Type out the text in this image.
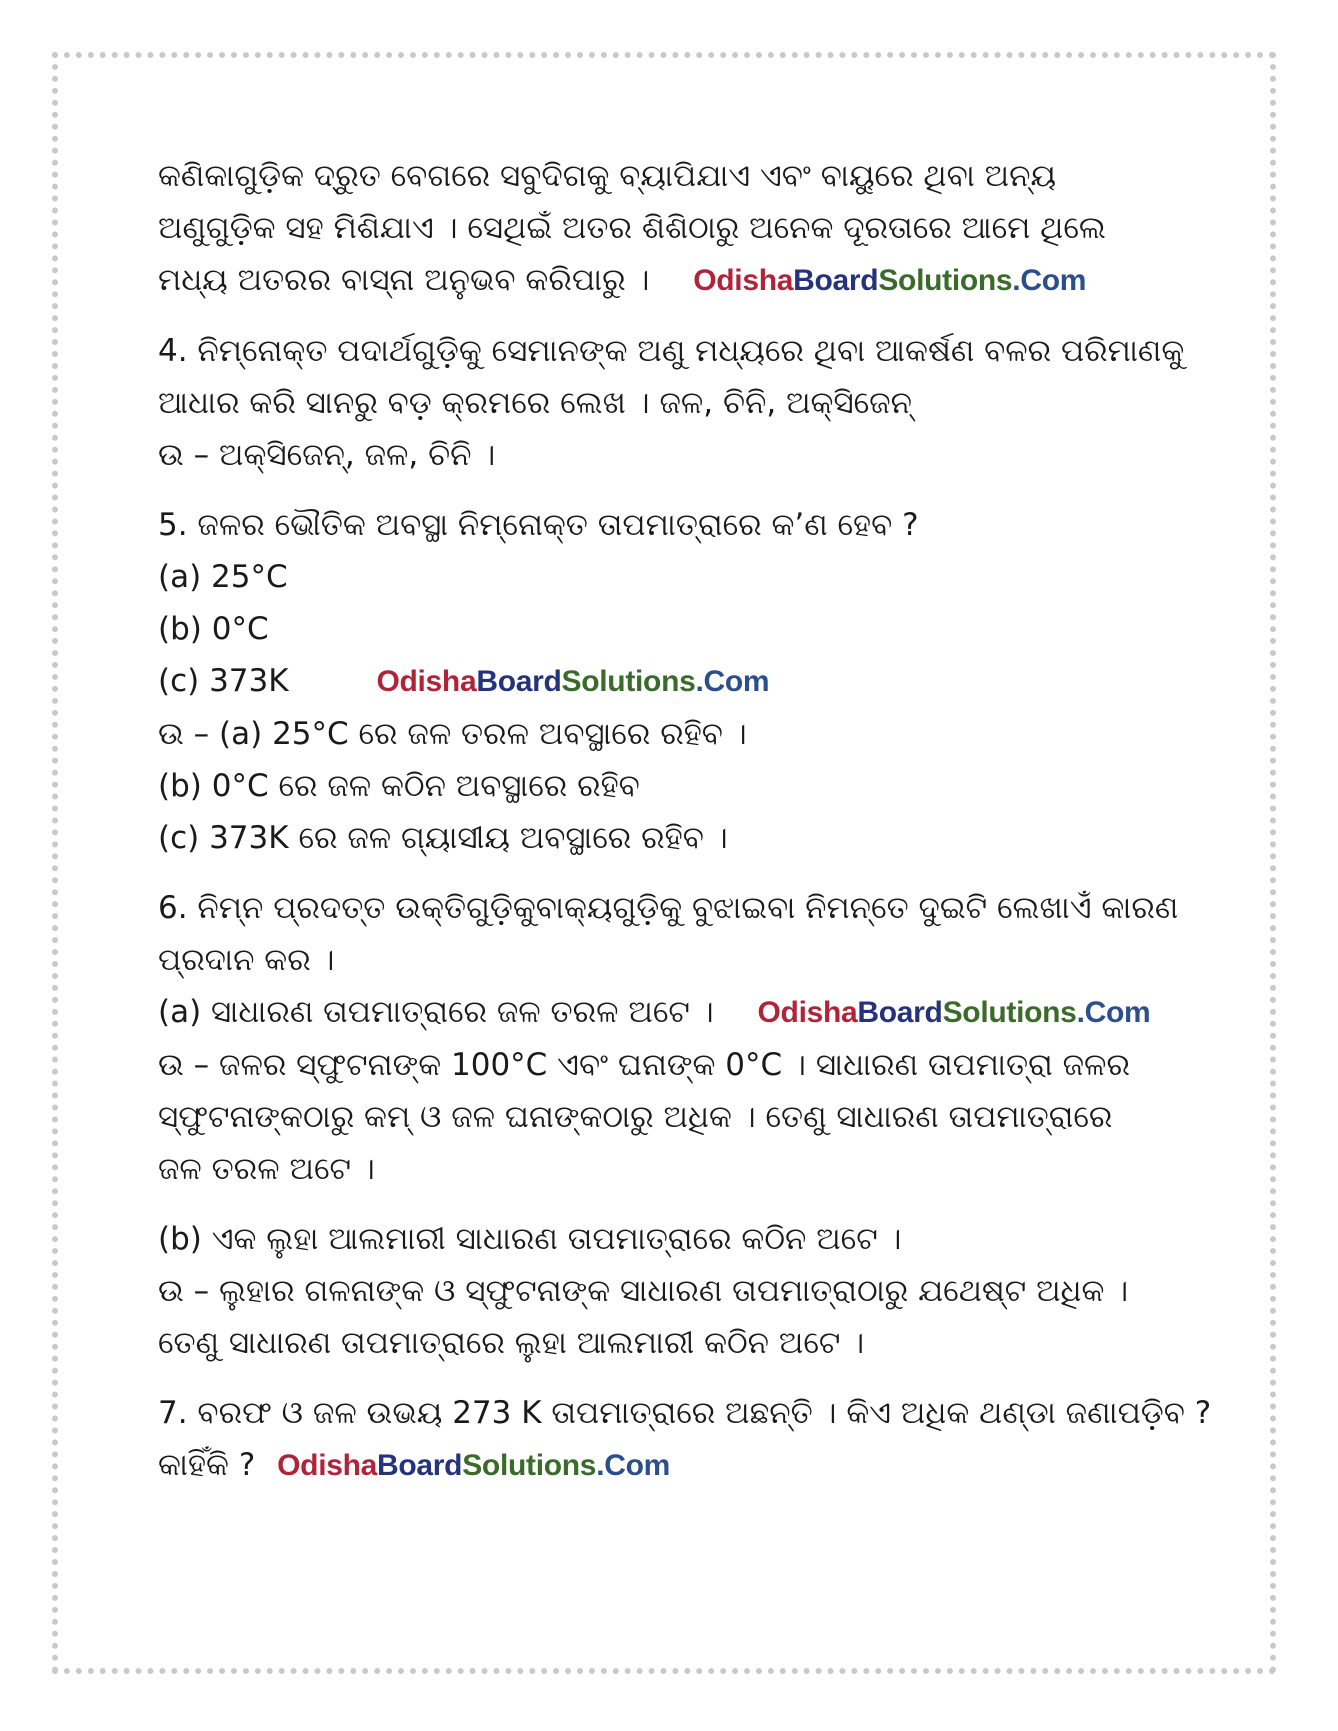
କଣିକାଗୁଡ଼ିକ ଦ୍ରୁତ ବେଗରେ ସବୁଦିଗକୁ ବ୍ୟାପିଯାଏ ଏବଂ ବାୟୁରେ ଥିବା ଅନ୍ୟ
ଅଣୁଗୁଡ଼ିକ ସହ ମିଶିଯାଏ । ସେଥିଇଁ ଅତର ଶିଶିଠାରୁ ଅନେକ ଦୂରତାରେ ଆମେ ଥିଲେ
ମଧ୍ୟ ଅତରର ବାସ୍ନା ଅନୁଭବ କରିପାରୁ । OdishaBoardSolutions.Com
4. ନିମ୍ନୋକ୍ତ ପଦାର୍ଥଗୁଡ଼ିକୁ ସେମାନଙ୍କ ଅଣୁ ମଧ୍ୟରେ ଥିବା ଆକର୍ଷଣ ବଳର ପରିମାଣକୁ
ଆଧାର କରି ସାନରୁ ବଡ଼ କ୍ରମରେ ଲେଖ । ଜଳ, ଚିନି, ଅକ୍ସିଜେନ୍
ଉ – ଅକ୍ସିଜେନ୍, ଜଳ, ଚିନି ।
5. ଜଳର ଭୌତିକ ଅବସ୍ଥା ନିମ୍ନୋକ୍ତ ତାପମାତ୍ରାରେ କ’ଣ ହେବ ?
(a) 25°C
(b) 0°C
(c) 373K	OdishaBoardSolutions.Com
ଉ – (a) 25°C ରେ ଜଳ ତରଳ ଅବସ୍ଥାରେ ରହିବ ।
(b) 0°C ରେ ଜଳ କଠିନ ଅବସ୍ଥାରେ ରହିବ
(c) 373K ରେ ଜଳ ଗ୍ୟାସୀୟ ଅବସ୍ଥାରେ ରହିବ ।
6. ନିମ୍ନ ପ୍ରଦତ୍ତ ଉକ୍ତିଗୁଡ଼ିକୁବାକ୍ୟଗୁଡ଼ିକୁ ବୁଝାଇବା ନିମନ୍ତେ ଦୁଇଟି ଲେଖାଏଁ କାରଣ
ପ୍ରଦାନ କର ।
(a) ସାଧାରଣ ତାପମାତ୍ରାରେ ଜଳ ତରଳ ଅଟେ । OdishaBoardSolutions.Com
ଉ – ଜଳର ସ୍ଫୁଟନାଙ୍କ 100°C ଏବଂ ଘନାଙ୍କ 0°C । ସାଧାରଣ ତାପମାତ୍ରା ଜଳର
ସ୍ଫୁଟନାଙ୍କଠାରୁ କମ୍ ଓ ଜଳ ଘନାଙ୍କଠାରୁ ଅଧିକ । ତେଣୁ ସାଧାରଣ ତାପମାତ୍ରାରେ
ଜଳ ତରଳ ଅଟେ ।
(b) ଏକ ଲୁହା ଆଲମାରୀ ସାଧାରଣ ତାପମାତ୍ରାରେ କଠିନ ଅଟେ ।
ଉ – ଲୁହାର ଗଳନାଙ୍କ ଓ ସ୍ଫୁଟନାଙ୍କ ସାଧାରଣ ତାପମାତ୍ରାଠାରୁ ଯଥେଷ୍ଟ ଅଧିକ ।
ତେଣୁ ସାଧାରଣ ତାପମାତ୍ରାରେ ଲୁହା ଆଲମାରୀ କଠିନ ଅଟେ ।
7. ବରଫ ଓ ଜଳ ଉଭୟ 273 K ତାପମାତ୍ରାରେ ଅଛନ୍ତି । କିଏ ଅଧିକ ଥଣ୍ଡା ଜଣାପଡ଼ିବ ?
କାହିଁକି ? OdishaBoardSolutions.Com
